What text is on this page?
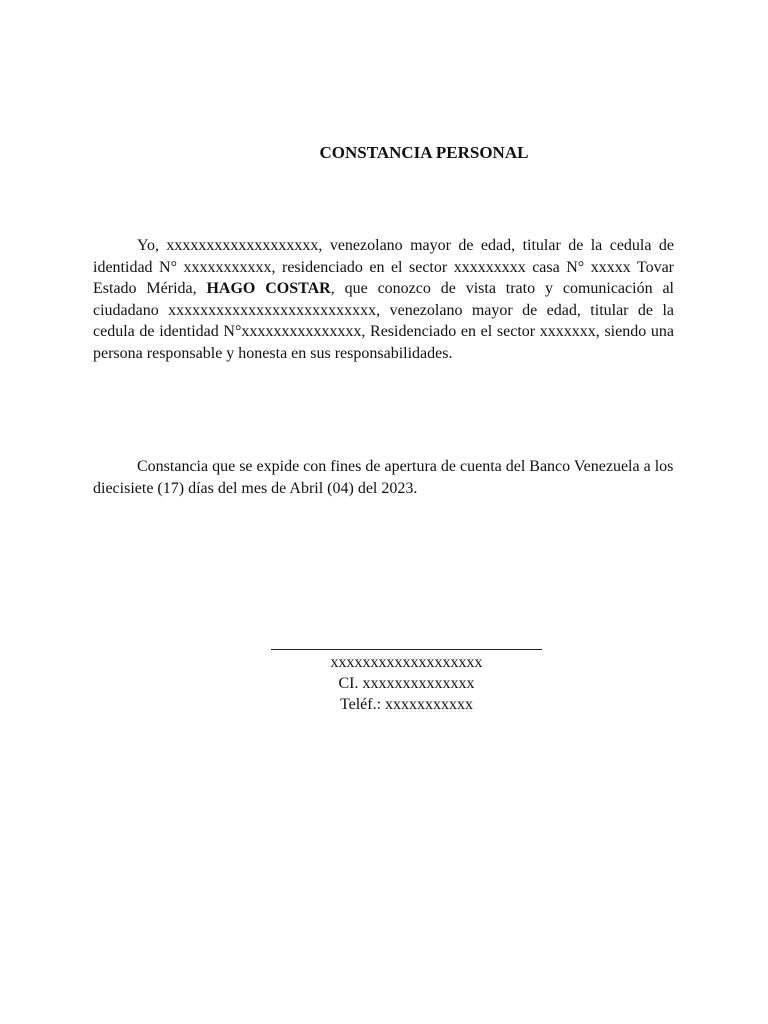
CONSTANCIA PERSONAL

Yo, xxxxxxxxxxxxxxxxxxx, venezolano mayor de edad, titular de la cedula de identidad N° xxxxxxxxxxx, residenciado en el sector xxxxxxxxx casa N° xxxxx Tovar Estado Mérida, HAGO COSTAR, que conozco de vista trato y comunicación al ciudadano xxxxxxxxxxxxxxxxxxxxxxxxxx, venezolano mayor de edad, titular de la cedula de identidad N°xxxxxxxxxxxxxxx, Residenciado en el sector xxxxxxx, siendo una persona responsable y honesta en sus responsabilidades.

Constancia que se expide con fines de apertura de cuenta del Banco Venezuela a los diecisiete (17) días del mes de Abril (04) del 2023.

xxxxxxxxxxxxxxxxxxx
CI. xxxxxxxxxxxxxx
Teléf.: xxxxxxxxxxx
